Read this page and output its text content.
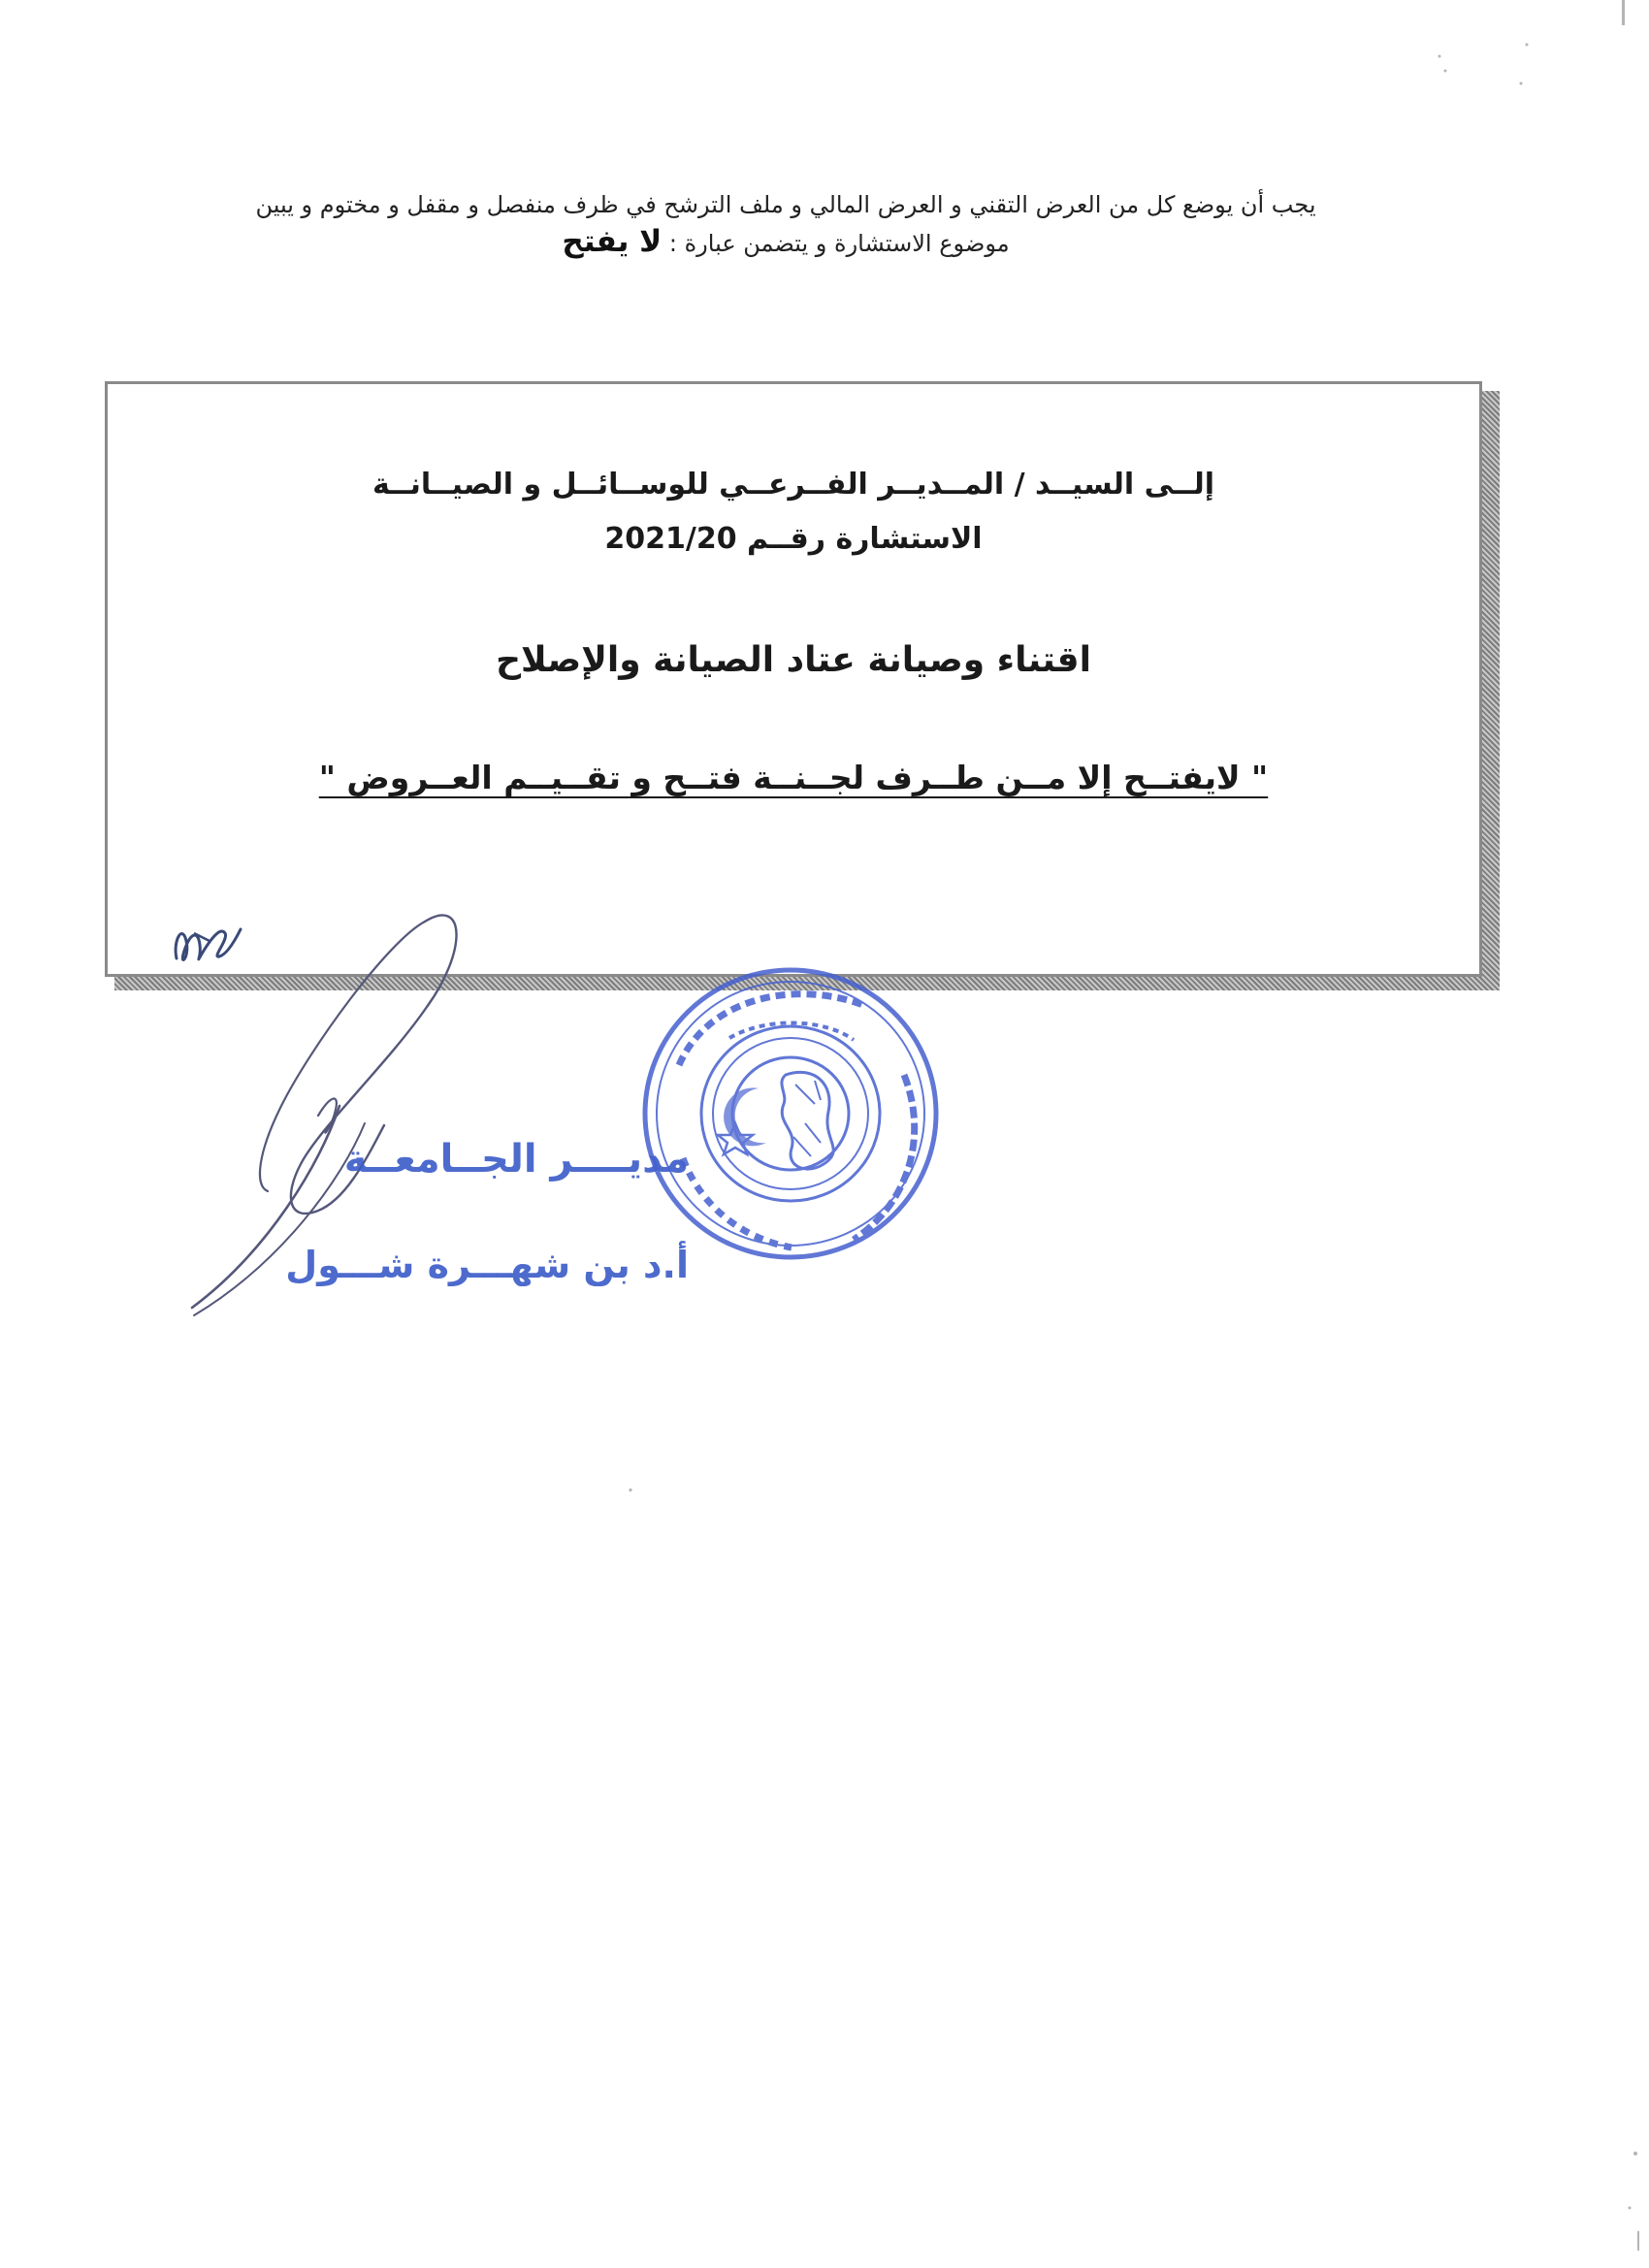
يجب أن يوضع كل من العرض التقني و العرض المالي و ملف الترشح في ظرف منفصل و مقفل و مختوم و يبين
موضوع الاستشارة و يتضمن عبارة : لا يفتح
إلــى السيــد / المــديــر الفــرعــي للوســائــل و الصيــانــة
الاستشارة رقــم 2021/20
اقتناء وصيانة عتاد الصيانة والإصلاح
" لايفتــح إلا مــن طــرف لجــنــة فتــح و تقــيــم العــروض "
مديــــر الجــامعــة
أ.د بن شهـــرة شـــول
